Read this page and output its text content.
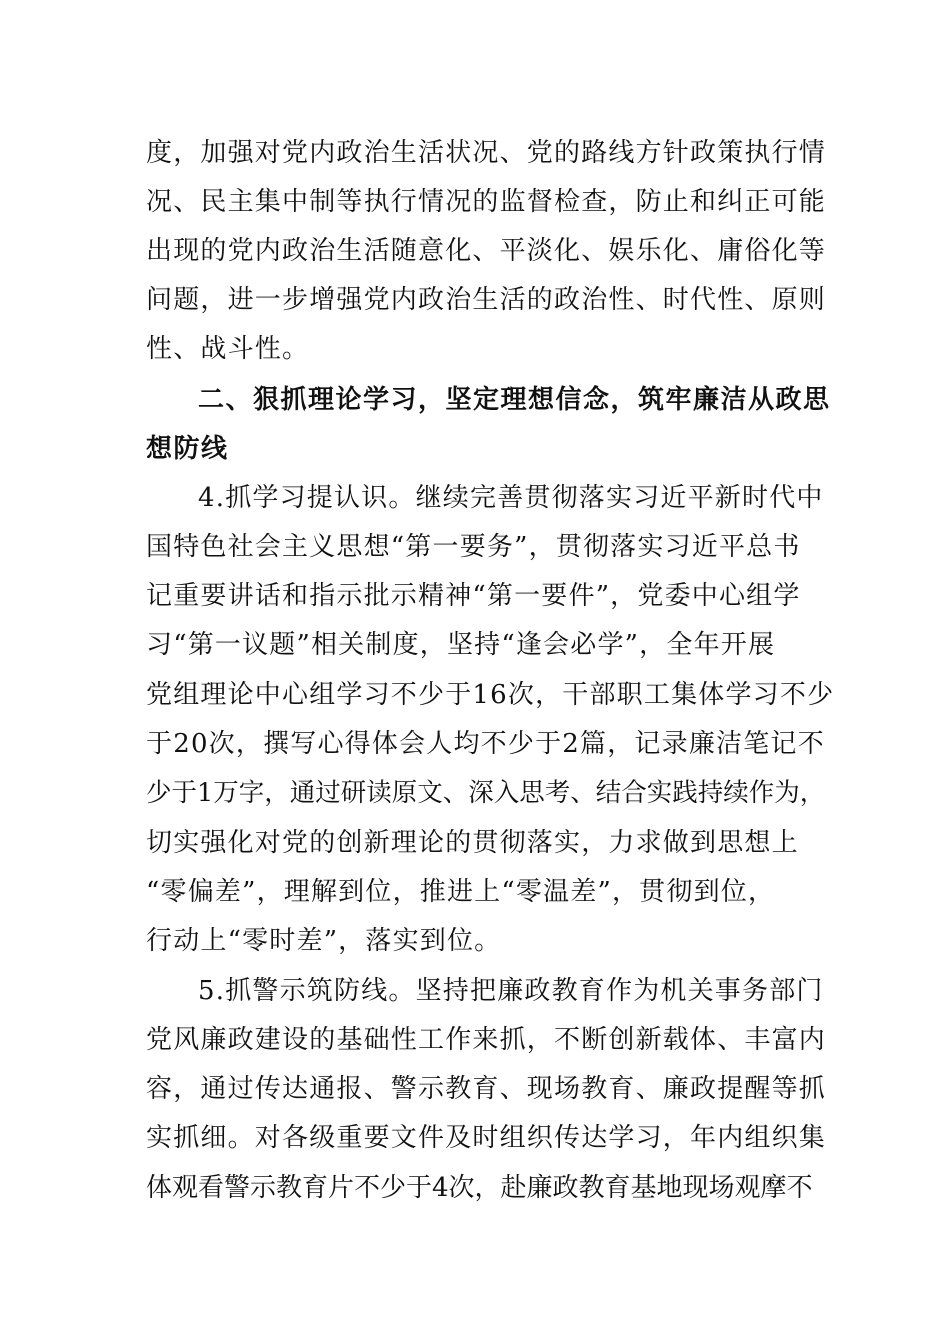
度，加强对党内政治生活状况、党的路线方针政策执行情
况、民主集中制等执行情况的监督检查，防止和纠正可能
出现的党内政治生活随意化、平淡化、娱乐化、庸俗化等
问题，进一步增强党内政治生活的政治性、时代性、原则
性、战斗性。
二、狠抓理论学习，坚定理想信念，筑牢廉洁从政思
想防线
4.抓学习提认识。继续完善贯彻落实习近平新时代中
国特色社会主义思想“第一要务”，贯彻落实习近平总书
记重要讲话和指示批示精神“第一要件”，党委中心组学
习“第一议题”相关制度，坚持“逢会必学”，全年开展
党组理论中心组学习不少于16次，干部职工集体学习不少
于20次，撰写心得体会人均不少于2篇，记录廉洁笔记不
少于1万字，通过研读原文、深入思考、结合实践持续作为，
切实强化对党的创新理论的贯彻落实，力求做到思想上
“零偏差”，理解到位，推进上“零温差”，贯彻到位，
行动上“零时差”，落实到位。
5.抓警示筑防线。坚持把廉政教育作为机关事务部门
党风廉政建设的基础性工作来抓，不断创新载体、丰富内
容，通过传达通报、警示教育、现场教育、廉政提醒等抓
实抓细。对各级重要文件及时组织传达学习，年内组织集
体观看警示教育片不少于4次，赴廉政教育基地现场观摩不
